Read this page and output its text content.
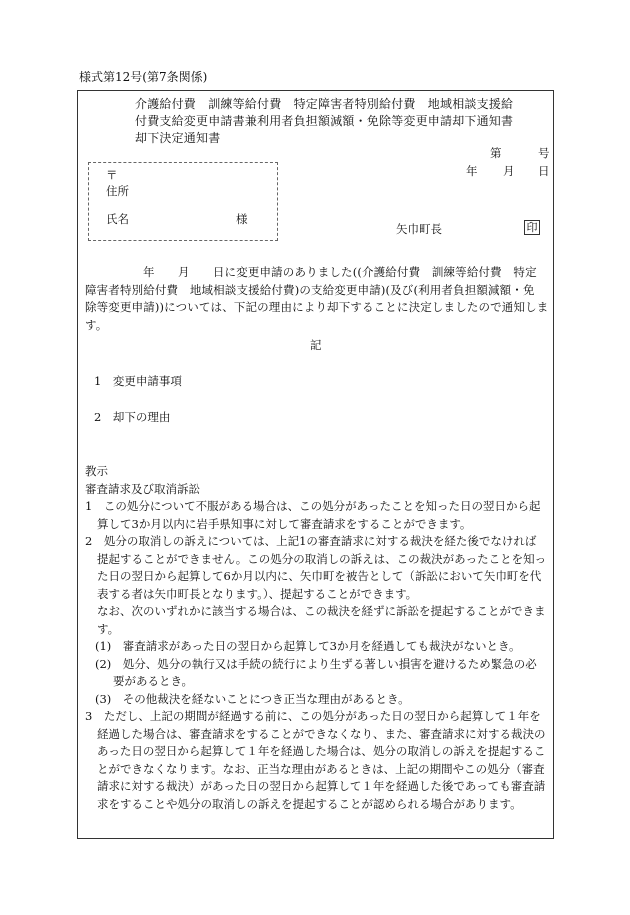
様式第12号(第7条関係)
介護給付費　訓練等給付費　特定障害者特別給付費　地域相談支援給
付費支給変更申請書兼利用者負担額減額・免除等変更申請却下通知書
却下決定通知書
第	号
年 月 日
〒
住所
氏名	様
矢巾町長	印
年　　月　　日に変更申請のありました((介護給付費　訓練等給付費　特定
障害者特別給付費　地域相談支援給付費)の支給変更申請)(及び(利用者負担額減額・免
除等変更申請))については、下記の理由により却下することに決定しましたので通知しま
す。
記
1　変更申請事項
2　却下の理由
教示
審査請求及び取消訴訟
1　この処分について不服がある場合は、この処分があったことを知った日の翌日から起
算して3か月以内に岩手県知事に対して審査請求をすることができます。
2　処分の取消しの訴えについては、上記1の審査請求に対する裁決を経た後でなければ
提起することができません。この処分の取消しの訴えは、この裁決があったことを知っ
た日の翌日から起算して6か月以内に、矢巾町を被告として（訴訟において矢巾町を代
表する者は矢巾町長となります。）、提起することができます。
なお、次のいずれかに該当する場合は、この裁決を経ずに訴訟を提起することができま
す。
(1)　審査請求があった日の翌日から起算して3か月を経過しても裁決がないとき。
(2)　処分、処分の執行又は手続の続行により生ずる著しい損害を避けるため緊急の必
要があるとき。
(3)　その他裁決を経ないことにつき正当な理由があるとき。
3　ただし、上記の期間が経過する前に、この処分があった日の翌日から起算して１年を
経過した場合は、審査請求をすることができなくなり、また、審査請求に対する裁決の
あった日の翌日から起算して１年を経過した場合は、処分の取消しの訴えを提起するこ
とができなくなります。なお、正当な理由があるときは、上記の期間やこの処分（審査
請求に対する裁決）があった日の翌日から起算して１年を経過した後であっても審査請
求をすることや処分の取消しの訴えを提起することが認められる場合があります。
